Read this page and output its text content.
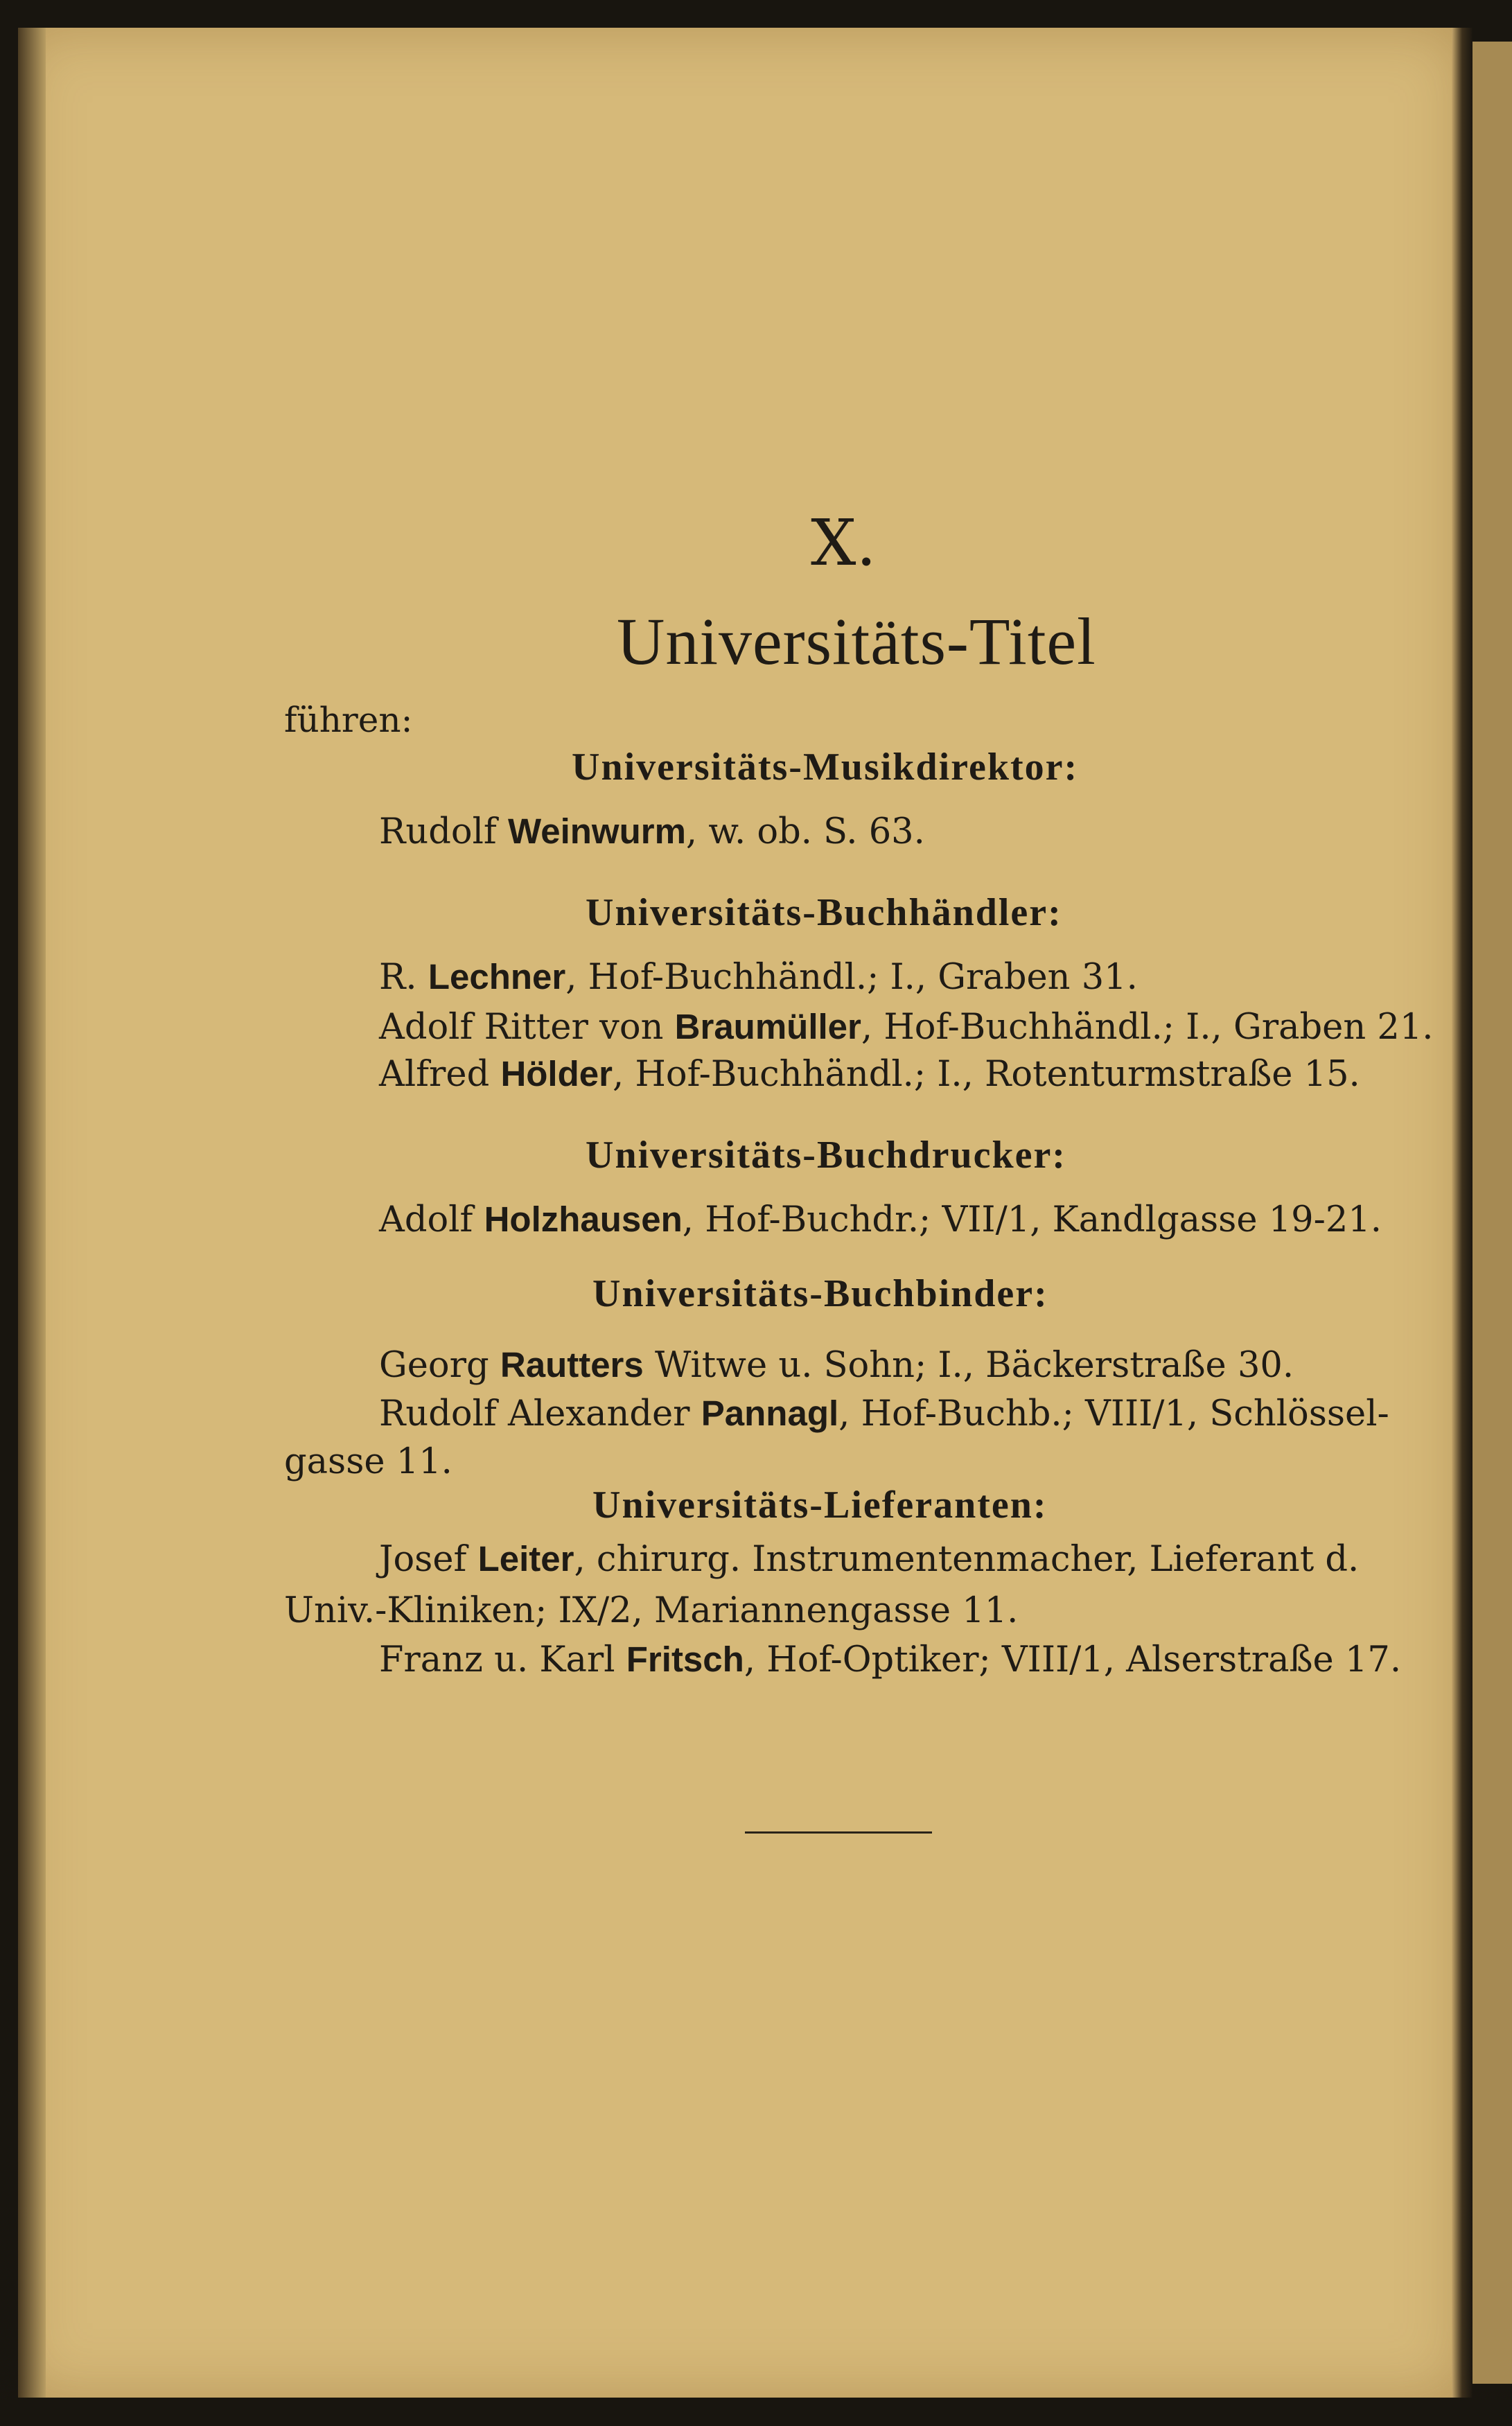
X.
Universitäts-Titel
führen:
Universitäts-Musikdirektor:
Rudolf Weinwurm, w. ob. S. 63.
Universitäts-Buchhändler:
R. Lechner, Hof-Buchhändl.; I., Graben 31.
Adolf Ritter von Braumüller, Hof-Buchhändl.; I., Graben 21.
Alfred Hölder, Hof-Buchhändl.; I., Rotenturmstraße 15.
Universitäts-Buchdrucker:
Adolf Holzhausen, Hof-Buchdr.; VII/1, Kandlgasse 19-21.
Universitäts-Buchbinder:
Georg Rautters Witwe u. Sohn; I., Bäckerstraße 30.
Rudolf Alexander Pannagl, Hof-Buchb.; VIII/1, Schlössel-
gasse 11.
Universitäts-Lieferanten:
Josef Leiter, chirurg. Instrumentenmacher, Lieferant d.
Univ.-Kliniken; IX/2, Mariannengasse 11.
Franz u. Karl Fritsch, Hof-Optiker; VIII/1, Alserstraße 17.
